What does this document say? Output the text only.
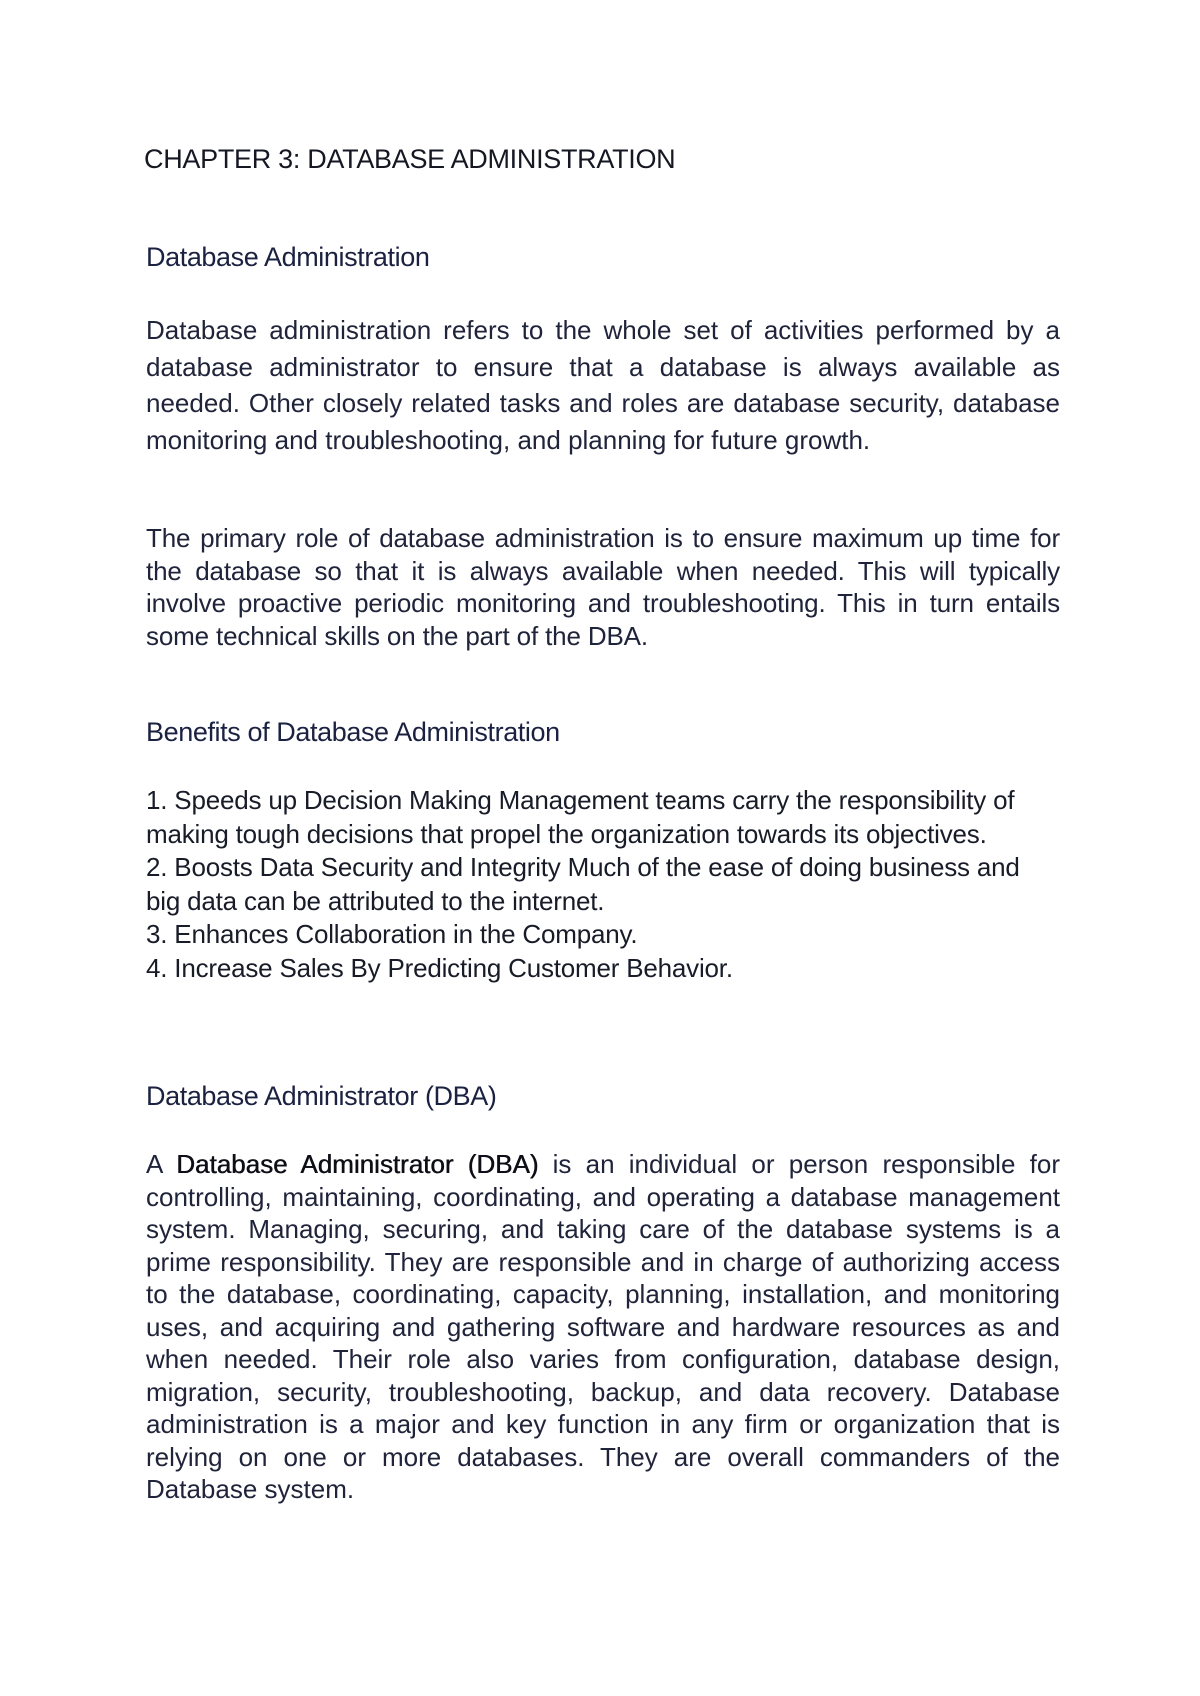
CHAPTER 3: DATABASE ADMINISTRATION
Database Administration

Database administration refers to the whole set of activities performed by a database administrator to ensure that a database is always available as needed. Other closely related tasks and roles are database security, database monitoring and troubleshooting, and planning for future growth.

The primary role of database administration is to ensure maximum up time for the database so that it is always available when needed. This will typically involve proactive periodic monitoring and troubleshooting. This in turn entails some technical skills on the part of the DBA.

Benefits of Database Administration
1. Speeds up Decision Making Management teams carry the responsibility of making tough decisions that propel the organization towards its objectives.
2. Boosts Data Security and Integrity Much of the ease of doing business and big data can be attributed to the internet.
3. Enhances Collaboration in the Company.
4. Increase Sales By Predicting Customer Behavior.
Database Administrator (DBA)

A Database Administrator (DBA) is an individual or person responsible for controlling, maintaining, coordinating, and operating a database management system. Managing, securing, and taking care of the database systems is a prime responsibility. They are responsible and in charge of authorizing access to the database, coordinating, capacity, planning, installation, and monitoring uses, and acquiring and gathering software and hardware resources as and when needed. Their role also varies from configuration, database design, migration, security, troubleshooting, backup, and data recovery. Database administration is a major and key function in any firm or organization that is relying on one or more databases. They are overall commanders of the Database system.
